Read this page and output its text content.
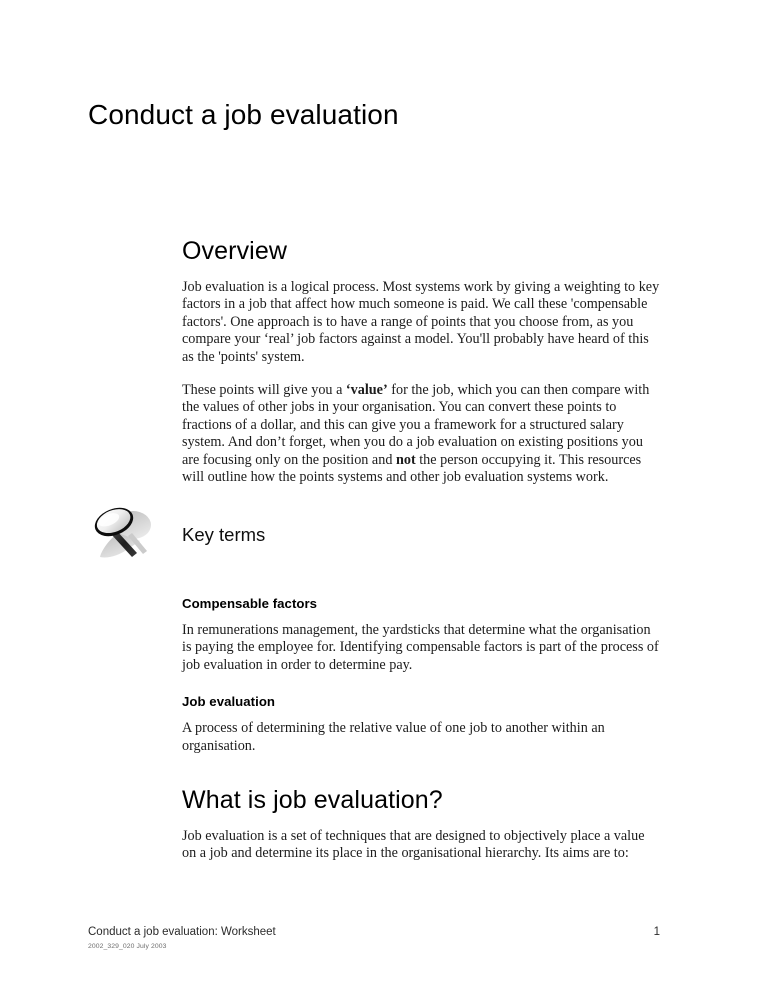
Conduct a job evaluation
Overview

Job evaluation is a logical process. Most systems work by giving a weighting to key factors in a job that affect how much someone is paid. We call these 'compensable factors'. One approach is to have a range of points that you choose from, as you compare your ‘real’ job factors against a model. You'll probably have heard of this as the 'points' system.

These points will give you a ‘value’ for the job, which you can then compare with the values of other jobs in your organisation. You can convert these points to fractions of a dollar, and this can give you a framework for a structured salary system. And don’t forget, when you do a job evaluation on existing positions you are focusing only on the position and not the person occupying it. This resources will outline how the points systems and other job evaluation systems work.

Key terms
Compensable factors

In remunerations management, the yardsticks that determine what the organisation is paying the employee for. Identifying compensable factors is part of the process of job evaluation in order to determine pay.

Job evaluation

A process of determining the relative value of one job to another within an organisation.

What is job evaluation?

Job evaluation is a set of techniques that are designed to objectively place a value on a job and determine its place in the organisational hierarchy. Its aims are to:

Conduct a job evaluation: Worksheet	1
2002_329_020 July 2003
